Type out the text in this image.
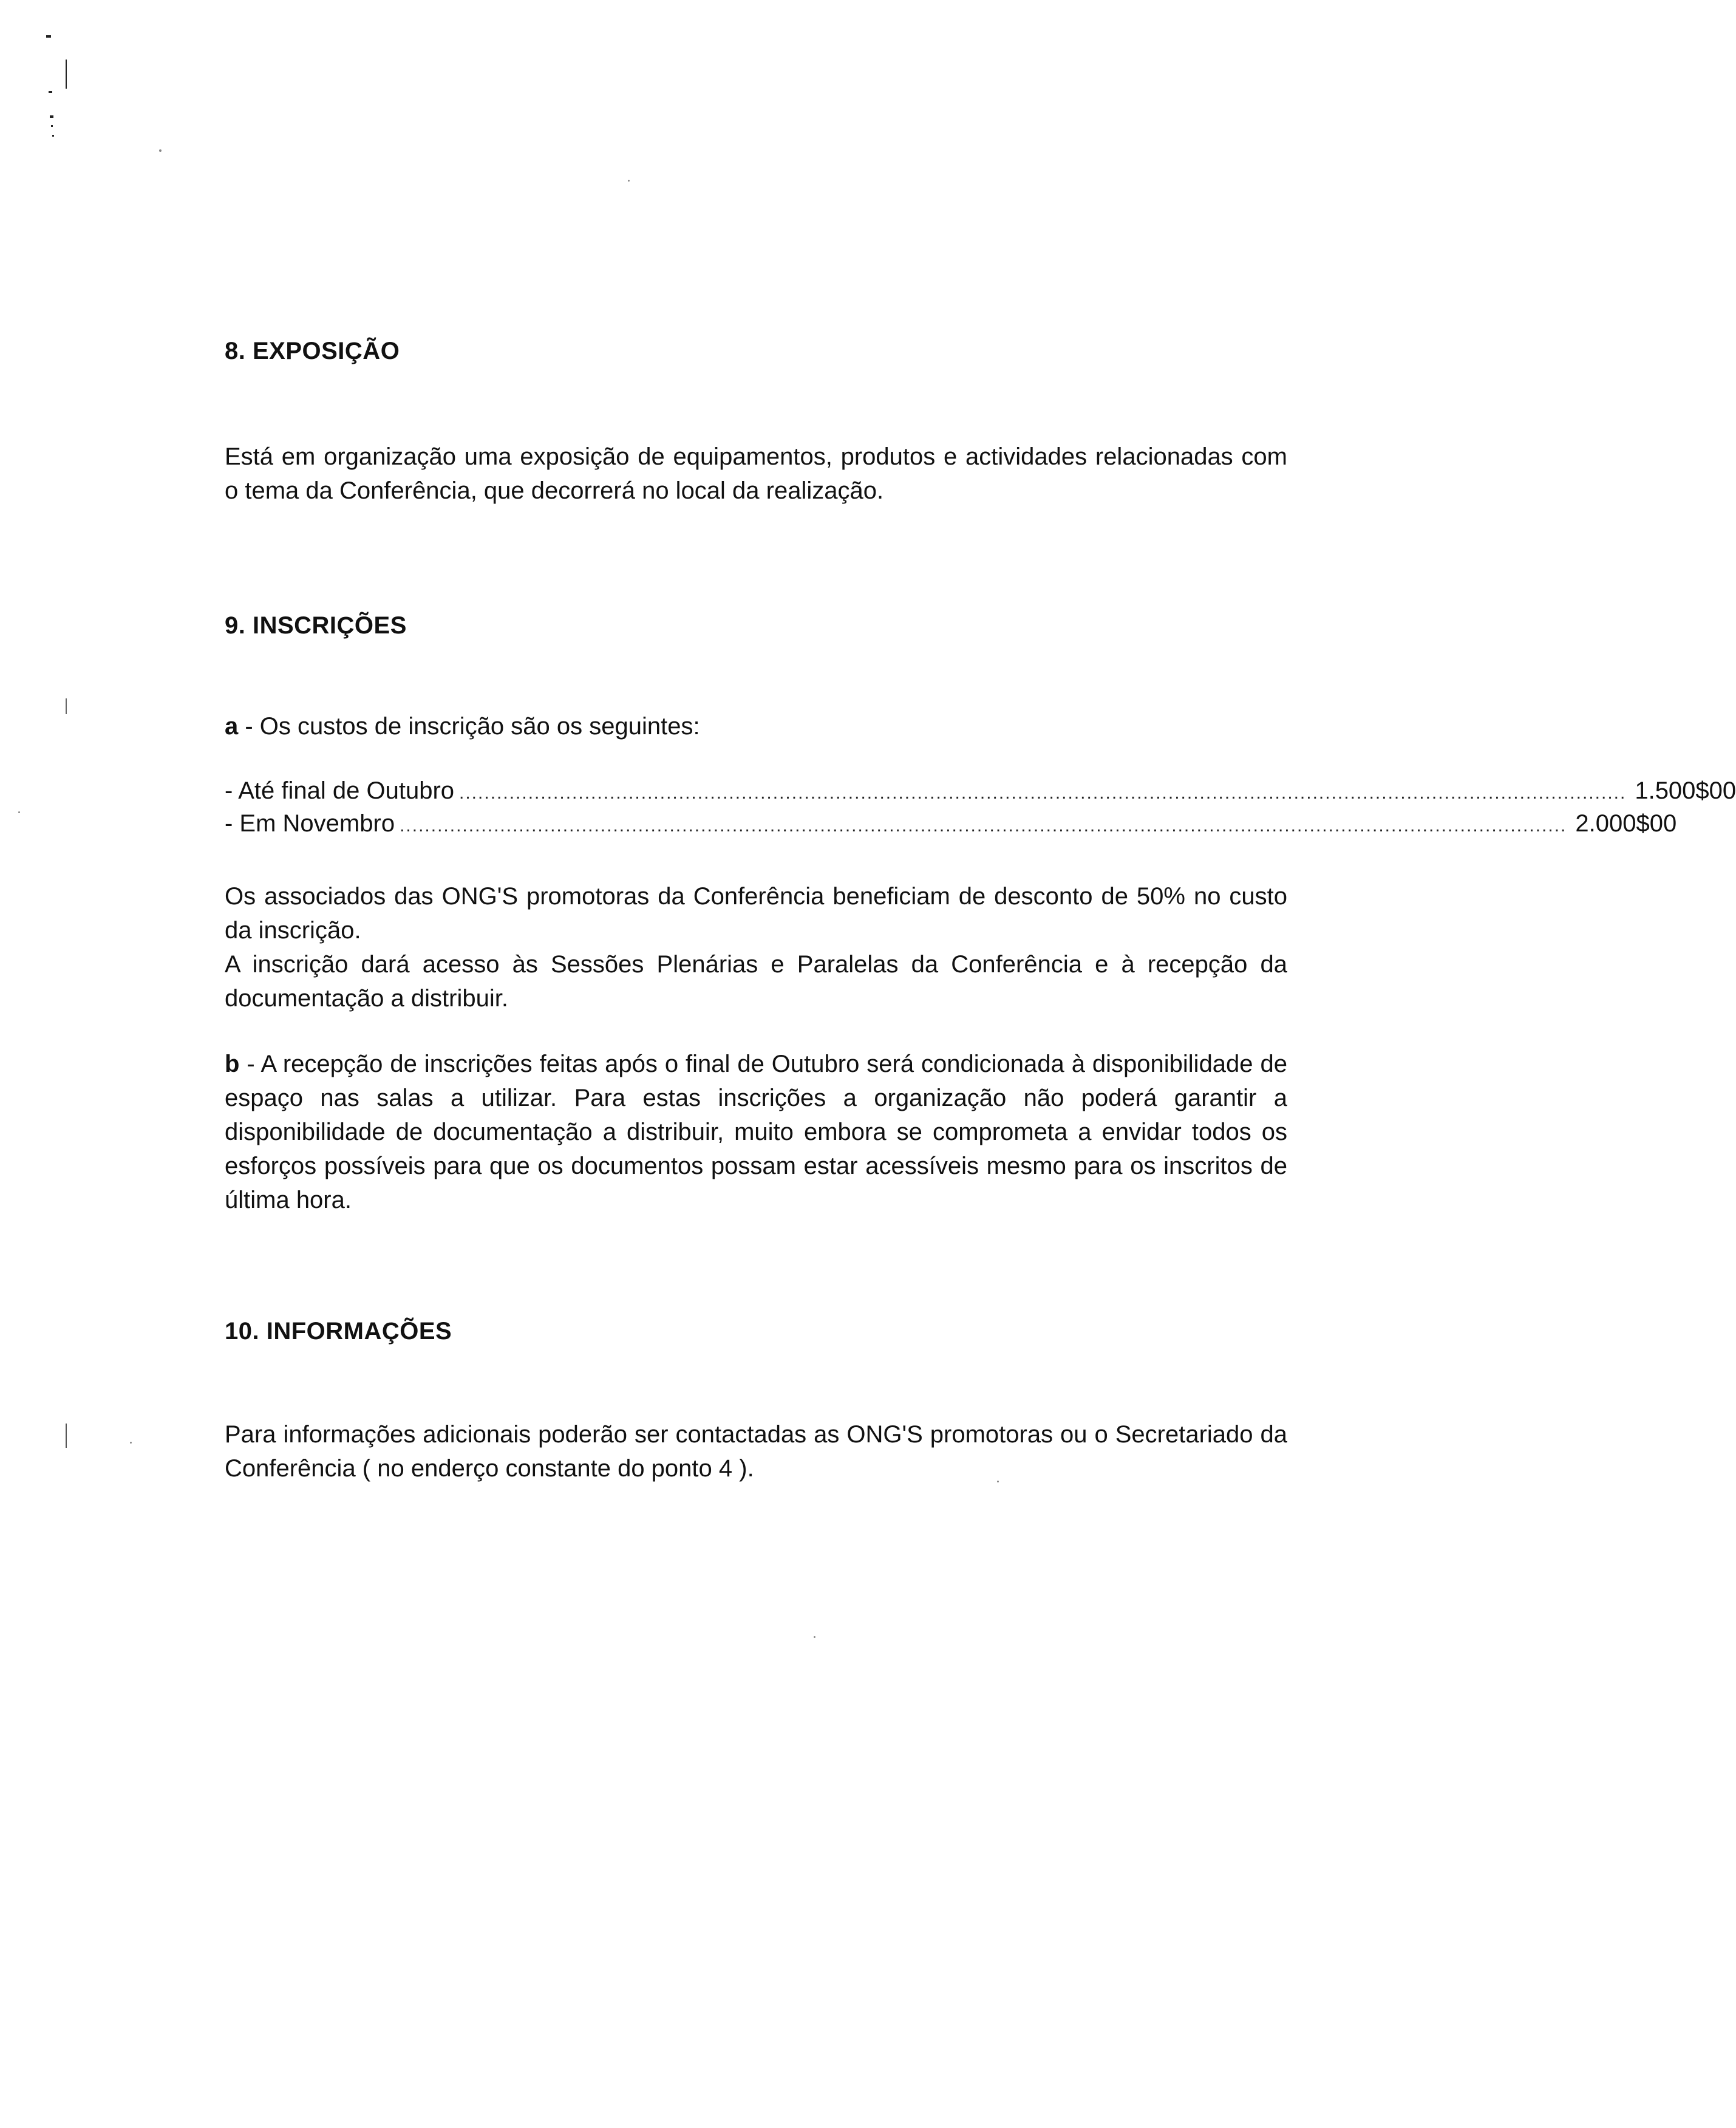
8. EXPOSIÇÃO
Está em organização uma exposição de equipamentos, produtos e actividades relacionadas com o tema da Conferência, que decorrerá no local da realização.
9. INSCRIÇÕES
a - Os custos de inscrição são os seguintes:
- Até final de Outubro .......................................................................................................................................................................................... 1.500$00
- Em Novembro .......................................................................................................................................................................................... 2.000$00
Os associados das ONG'S promotoras da Conferência beneficiam de desconto de 50% no custo da inscrição.
A inscrição dará acesso às Sessões Plenárias e Paralelas da Conferência e à recepção da documentação a distribuir.
b - A recepção de inscrições feitas após o final de Outubro será condicionada à disponibilidade de espaço nas salas a utilizar. Para estas inscrições a organização não poderá garantir a disponibilidade de documentação a distribuir, muito embora se comprometa a envidar todos os esforços possíveis para que os documentos possam estar acessíveis mesmo para os inscritos de última hora.
10. INFORMAÇÕES
Para informações adicionais poderão ser contactadas as ONG'S promotoras ou o Secretariado da Conferência ( no enderço constante do ponto 4 ).
